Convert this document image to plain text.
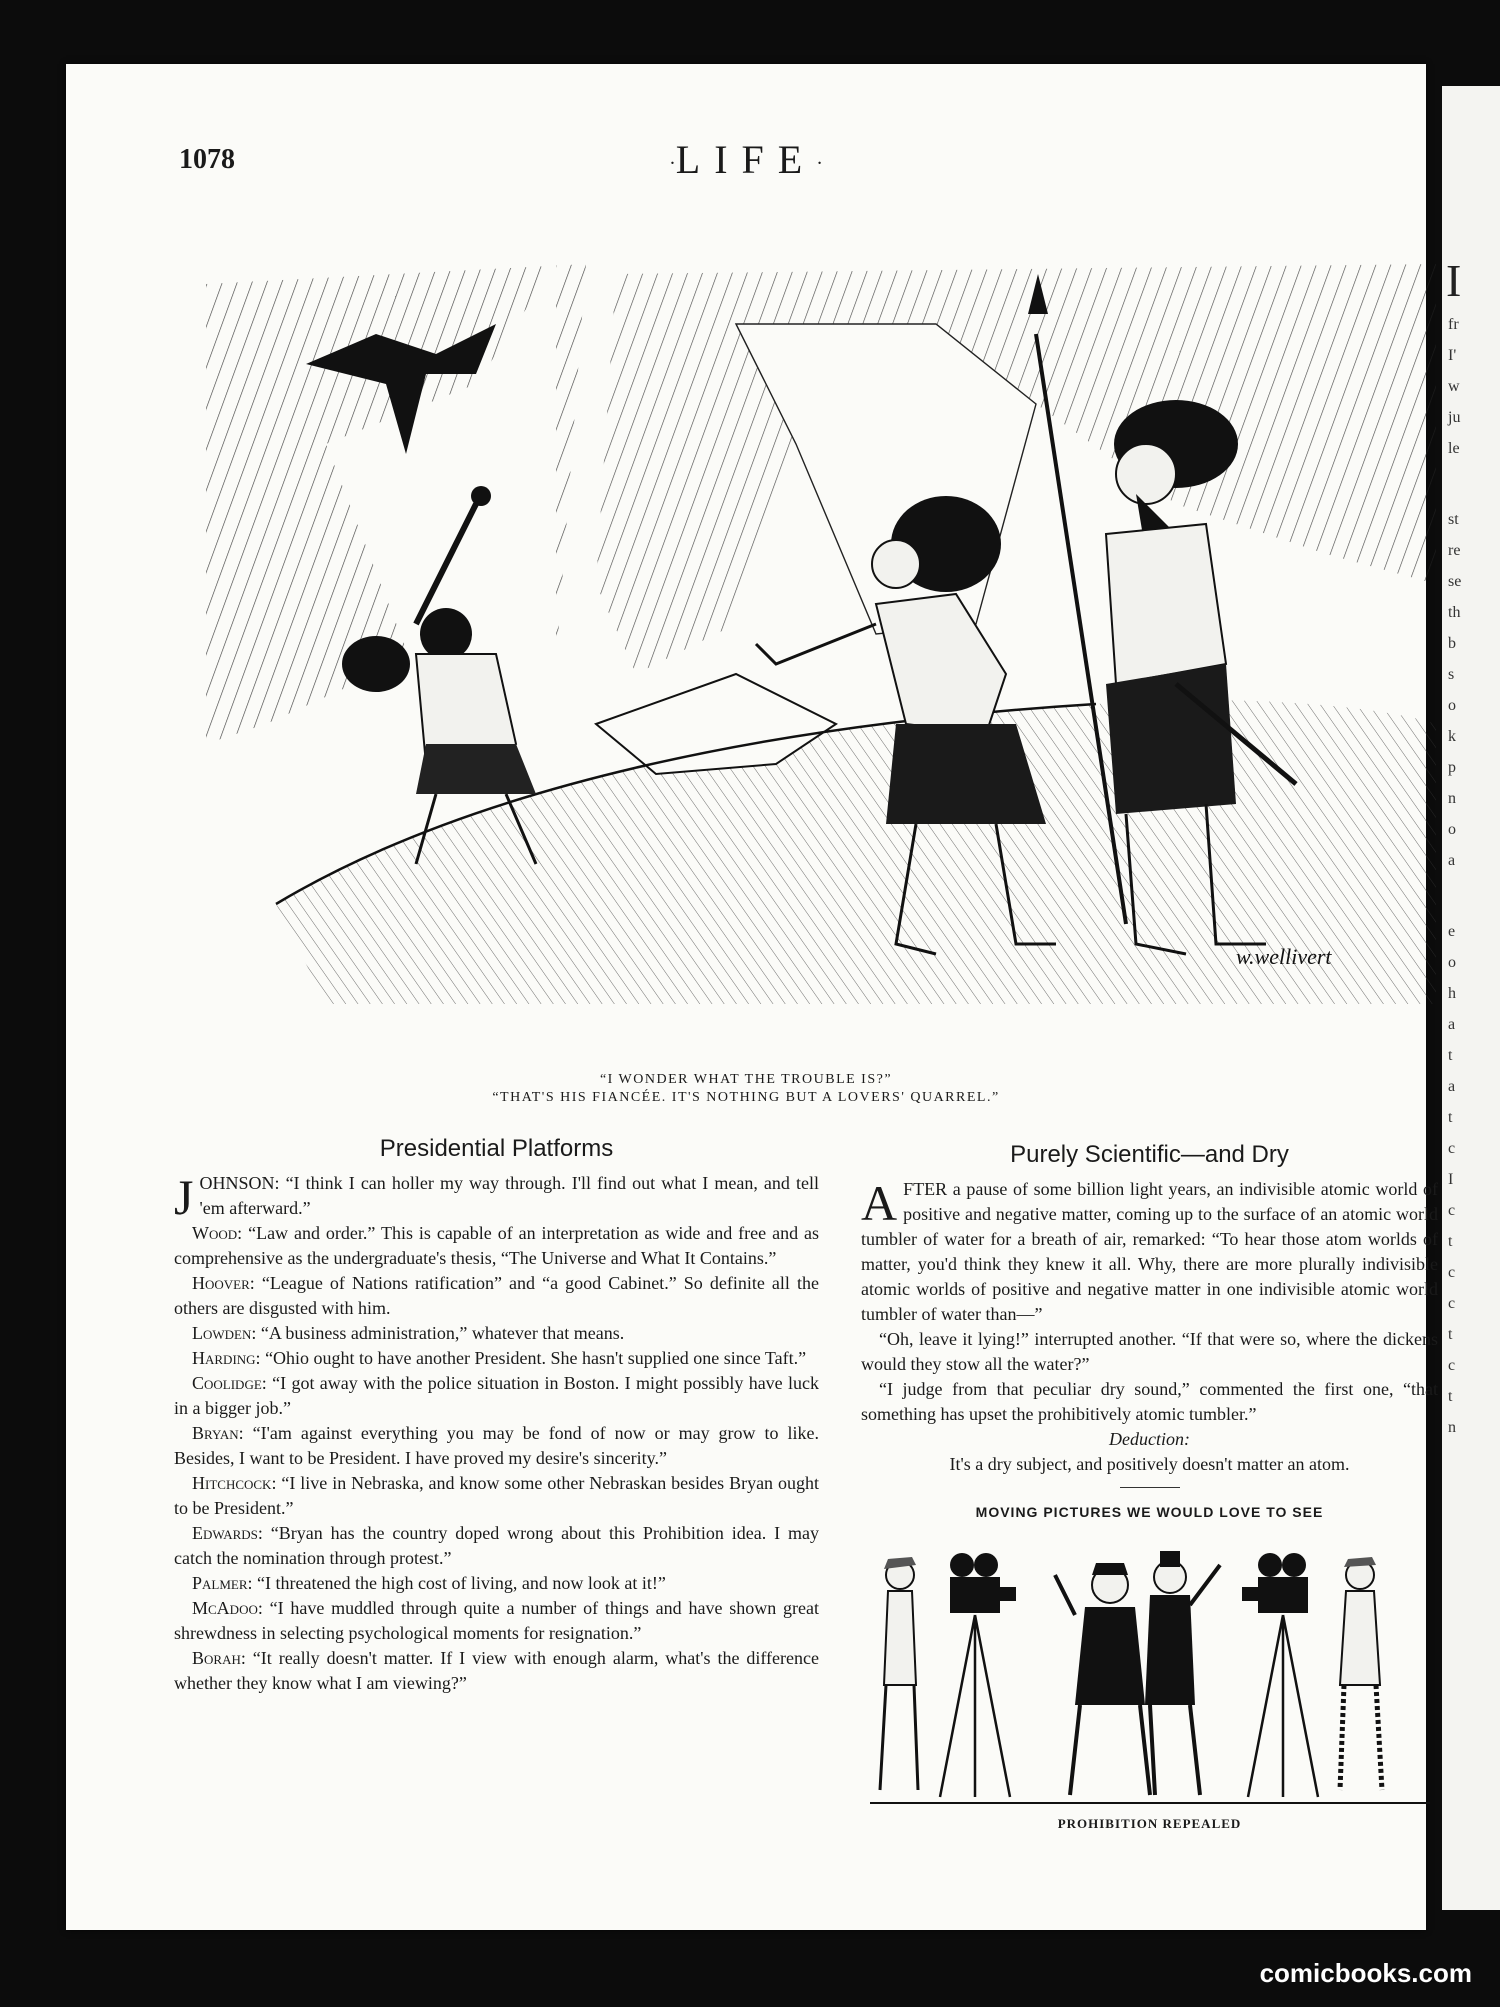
1078	·LIFE·
w.wellivert
“I WONDER WHAT THE TROUBLE IS?”
“THAT'S HIS FIANCÉE. IT'S NOTHING BUT A LOVERS' QUARREL.”
Presidential Platforms

JOHNSON: “I think I can holler my way through. I'll find out what I mean, and tell 'em afterward.”

Wood: “Law and order.” This is capable of an interpretation as wide and free and as comprehensive as the undergraduate's thesis, “The Universe and What It Contains.”

Hoover: “League of Nations ratification” and “a good Cabinet.” So definite all the others are disgusted with him.

Lowden: “A business administration,” whatever that means.

Harding: “Ohio ought to have another President. She hasn't supplied one since Taft.”

Coolidge: “I got away with the police situation in Boston. I might possibly have luck in a bigger job.”

Bryan: “I'am against everything you may be fond of now or may grow to like. Besides, I want to be President. I have proved my desire's sincerity.”

Hitchcock: “I live in Nebraska, and know some other Nebraskan besides Bryan ought to be President.”

Edwards: “Bryan has the country doped wrong about this Prohibition idea. I may catch the nomination through protest.”

Palmer: “I threatened the high cost of living, and now look at it!”

McAdoo: “I have muddled through quite a number of things and have shown great shrewdness in selecting psychological moments for resignation.”

Borah: “It really doesn't matter. If I view with enough alarm, what's the difference whether they know what I am viewing?”

Purely Scientific—and Dry

AFTER a pause of some billion light years, an indivisible atomic world of positive and negative matter, coming up to the surface of an atomic world tumbler of water for a breath of air, remarked: “To hear those atom worlds of matter, you'd think they knew it all. Why, there are more plurally indivisible atomic worlds of positive and negative matter in one indivisible atomic world tumbler of water than—”

“Oh, leave it lying!” interrupted another. “If that were so, where the dickens would they stow all the water?”

“I judge from that peculiar dry sound,” commented the first one, “that something has upset the prohibitively atomic tumbler.”

Deduction:

It's a dry subject, and positively doesn't matter an atom.

MOVING PICTURES WE WOULD LOVE TO SEE
PROHIBITION REPEALED
I
fr
I'
w
ju
le
st
re
se
th
b
s
o
k
p
n
o
a
e
o
h
a
t
a
t
c
I
c
t
c
c
t
c
t
n
comicbooks.com
